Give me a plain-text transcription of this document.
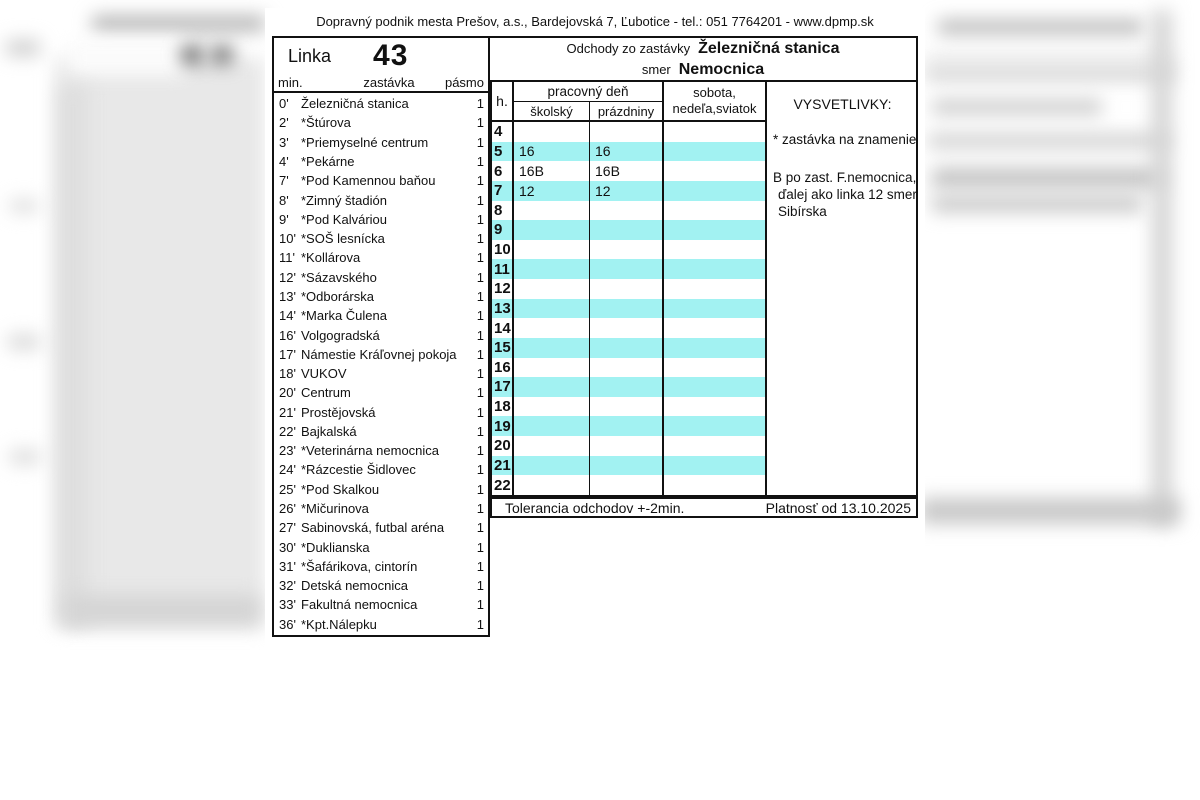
Dopravný podnik mesta Prešov, a.s., Bardejovská 7, Ľubotice - tel.: 051 7764201 - www.dpmp.sk
Linka 43
min.	zastávka	pásmo
0' Železničná stanica	1
2' *Štúrova	1
3' *Priemyselné centrum	1
4' *Pekárne	1
7' *Pod Kamennou baňou	1
8' *Zimný štadión	1
9' *Pod Kalváriou	1
10' *SOŠ lesnícka	1
11' *Kollárova	1
12' *Sázavského	1
13' *Odborárska	1
14' *Marka Čulena	1
16' Volgogradská	1
17' Námestie Kráľovnej pokoja	1
18' VUKOV	1
20' Centrum	1
21' Prostějovská	1
22' Bajkalská	1
23' *Veterinárna nemocnica	1
24' *Rázcestie Šidlovec	1
25' *Pod Skalkou	1
26' *Mičurinova	1
27' Sabinovská, futbal aréna	1
30' *Duklianska	1
31' *Šafárikova, cintorín	1
32' Detská nemocnica	1
33' Fakultná nemocnica	1
36' *Kpt.Nálepku	1
Odchody zo zastávky Železničná stanica
smer Nemocnica
h.
pracovný deň
školský	prázdniny
sobota,
nedeľa,sviatok
4
5	16	16
6	16B	16B
7	12	12
8
9
10
11
12
13
14
15
16
17
18
19
20
21
22
VYSVETLIVKY:
* zastávka na znamenie
B po zast. F.nemocnica,
ďalej ako linka 12 smer
Sibírska
Tolerancia odchodov +-2min.	Platnosť od 13.10.2025
